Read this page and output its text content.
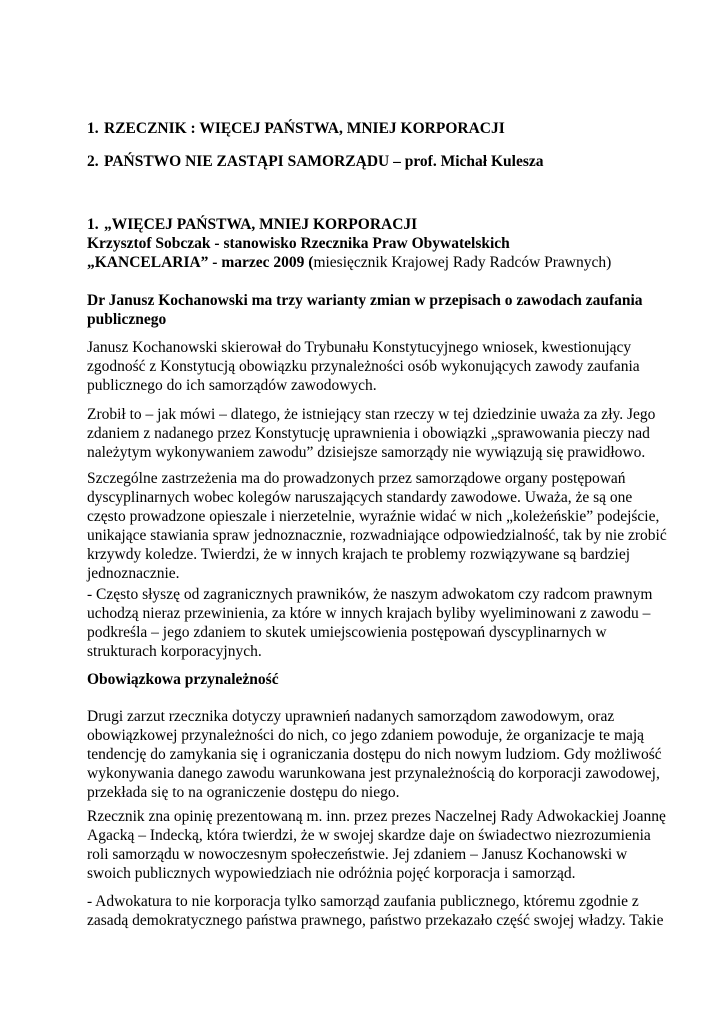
1. RZECZNIK : WIĘCEJ PAŃSTWA, MNIEJ KORPORACJI
2. PAŃSTWO NIE ZASTĄPI SAMORZĄDU – prof. Michał Kulesza
1. „WIĘCEJ PAŃSTWA, MNIEJ KORPORACJI
Krzysztof Sobczak - stanowisko Rzecznika Praw Obywatelskich
„KANCELARIA” - marzec 2009 (miesięcznik Krajowej Rady Radców Prawnych)
Dr Janusz Kochanowski ma trzy warianty zmian w przepisach o zawodach zaufania
publicznego
Janusz Kochanowski skierował do Trybunału Konstytucyjnego wniosek, kwestionujący
zgodność z Konstytucją obowiązku przynależności osób wykonujących zawody zaufania
publicznego do ich samorządów zawodowych.
Zrobił to – jak mówi – dlatego, że istniejący stan rzeczy w tej dziedzinie uważa za zły. Jego
zdaniem z nadanego przez Konstytucję uprawnienia i obowiązki „sprawowania pieczy nad
należytym wykonywaniem zawodu” dzisiejsze samorządy nie wywiązują się prawidłowo.
Szczególne zastrzeżenia ma do prowadzonych przez samorządowe organy postępowań
dyscyplinarnych wobec kolegów naruszających standardy zawodowe. Uważa, że są one
często prowadzone opieszale i nierzetelnie, wyraźnie widać w nich „koleżeńskie” podejście,
unikające stawiania spraw jednoznacznie, rozwadniające odpowiedzialność, tak by nie zrobić
krzywdy koledze. Twierdzi, że w innych krajach te problemy rozwiązywane są bardziej
jednoznacznie.
- Często słyszę od zagranicznych prawników, że naszym adwokatom czy radcom prawnym
uchodzą nieraz przewinienia, za które w innych krajach byliby wyeliminowani z zawodu –
podkreśla – jego zdaniem to skutek umiejscowienia postępowań dyscyplinarnych w
strukturach korporacyjnych.
Obowiązkowa przynależność
Drugi zarzut rzecznika dotyczy uprawnień nadanych samorządom zawodowym, oraz
obowiązkowej przynależności do nich, co jego zdaniem powoduje, że organizacje te mają
tendencję do zamykania się i ograniczania dostępu do nich nowym ludziom. Gdy możliwość
wykonywania danego zawodu warunkowana jest przynależnością do korporacji zawodowej,
przekłada się to na ograniczenie dostępu do niego.
Rzecznik zna opinię prezentowaną m. inn. przez prezes Naczelnej Rady Adwokackiej Joannę
Agacką – Indecką, która twierdzi, że w swojej skardze daje on świadectwo niezrozumienia
roli samorządu w nowoczesnym społeczeństwie. Jej zdaniem – Janusz Kochanowski w
swoich publicznych wypowiedziach nie odróżnia pojęć korporacja i samorząd.
- Adwokatura to nie korporacja tylko samorząd zaufania publicznego, któremu zgodnie z
zasadą demokratycznego państwa prawnego, państwo przekazało część swojej władzy. Takie
